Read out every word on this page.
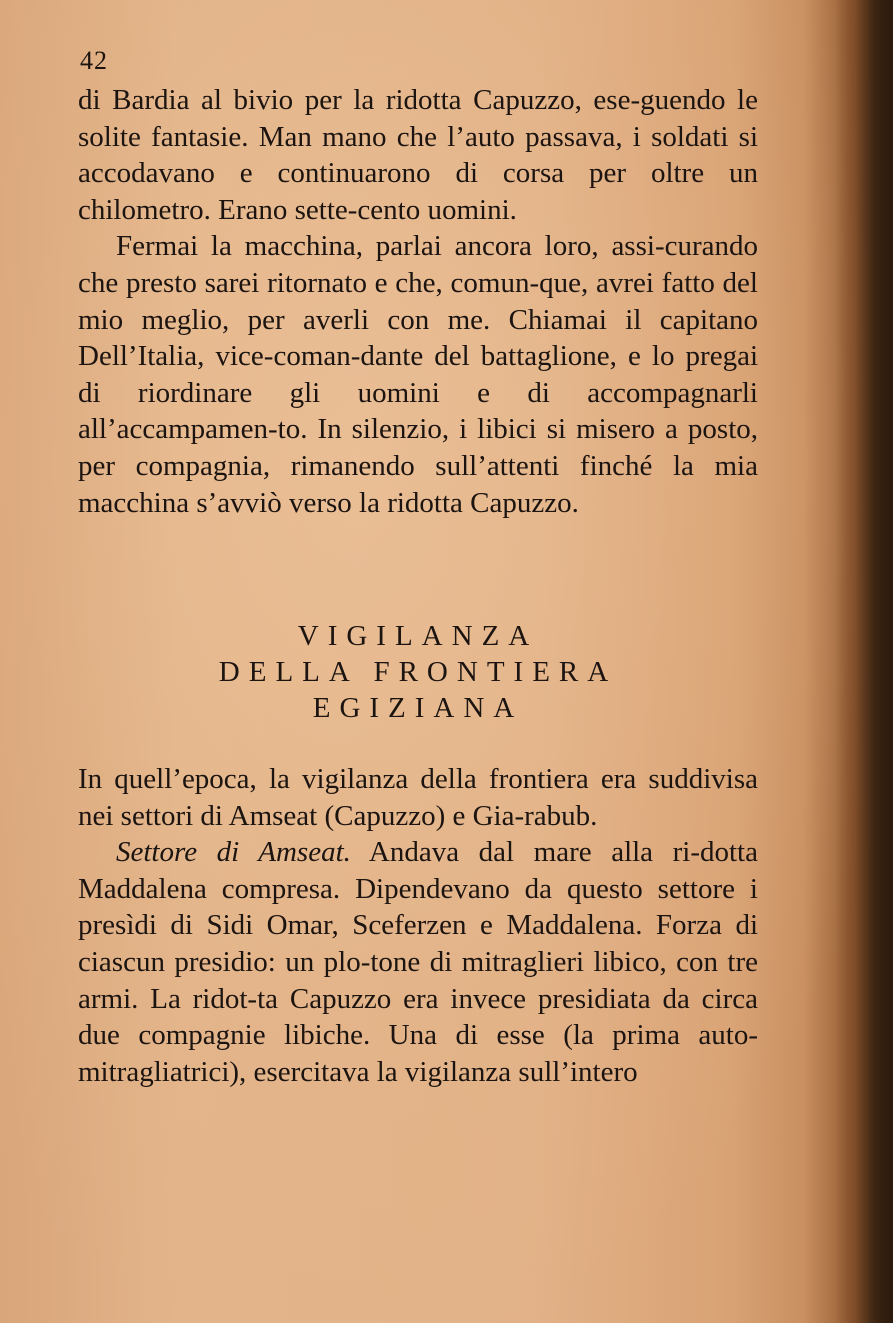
42

di Bardia al bivio per la ridotta Capuzzo, ese-guendo le solite fantasie. Man mano che l’auto passava, i soldati si accodavano e continuarono di corsa per oltre un chilometro. Erano sette-cento uomini.

Fermai la macchina, parlai ancora loro, assi-curando che presto sarei ritornato e che, comun-que, avrei fatto del mio meglio, per averli con me. Chiamai il capitano Dell’Italia, vice-coman-dante del battaglione, e lo pregai di riordinare gli uomini e di accompagnarli all’accampamen-to. In silenzio, i libici si misero a posto, per compagnia, rimanendo sull’attenti finché la mia macchina s’avviò verso la ridotta Capuzzo.

VIGILANZA
DELLA FRONTIERA
EGIZIANA

In quell’epoca, la vigilanza della frontiera era suddivisa nei settori di Amseat (Capuzzo) e Gia-rabub.

Settore di Amseat. Andava dal mare alla ri-dotta Maddalena compresa. Dipendevano da questo settore i presìdi di Sidi Omar, Sceferzen e Maddalena. Forza di ciascun presidio: un plo-tone di mitraglieri libico, con tre armi. La ridot-ta Capuzzo era invece presidiata da circa due compagnie libiche. Una di esse (la prima auto-mitragliatrici), esercitava la vigilanza sull’intero
